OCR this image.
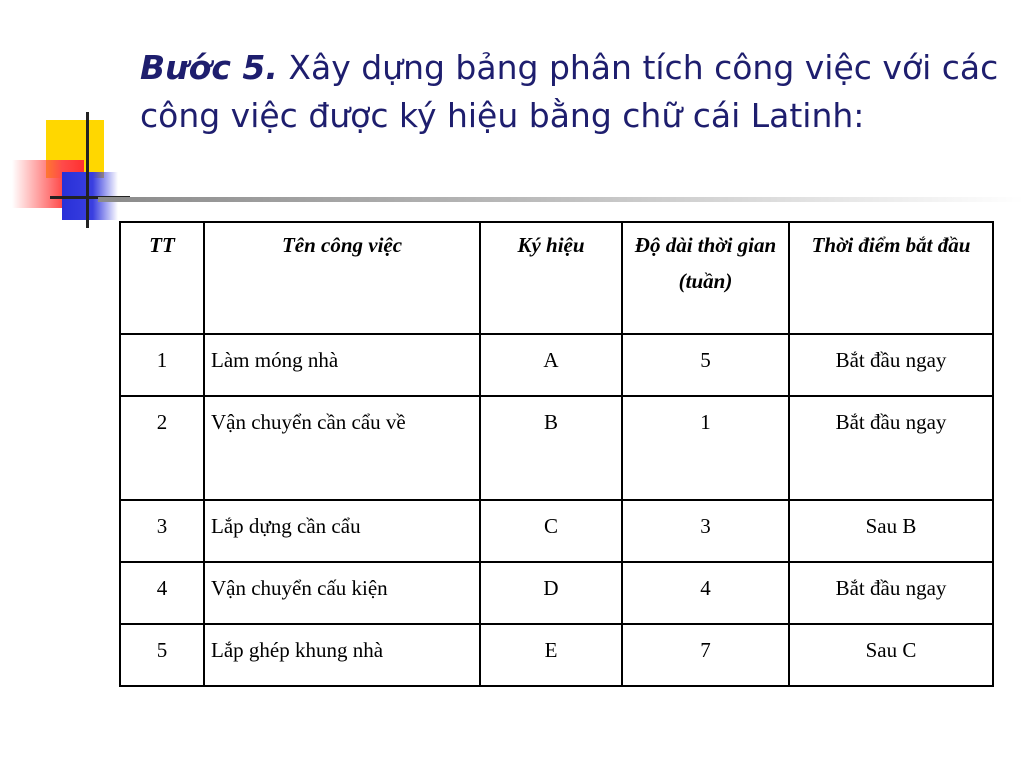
Bước 5. Xây dựng bảng phân tích công việc với các công việc được ký hiệu bằng chữ cái Latinh:
TT	Tên công việc	Ký hiệu	Độ dài thời gian (tuần)	Thời điểm bắt đầu
1	Làm móng nhà	A	5	Bắt đầu ngay
2	Vận chuyển cần cẩu về	B	1	Bắt đầu ngay
3	Lắp dựng cần cẩu	C	3	Sau B
4	Vận chuyển cấu kiện	D	4	Bắt đầu ngay
5	Lắp ghép khung nhà	E	7	Sau C
